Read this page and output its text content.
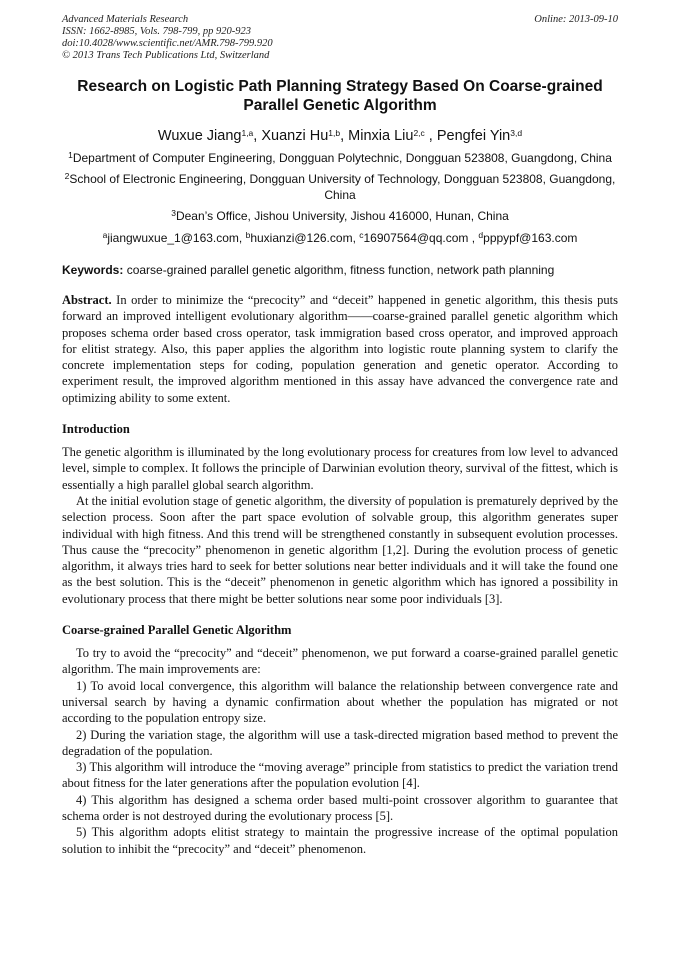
Advanced Materials Research
ISSN: 1662-8985, Vols. 798-799, pp 920-923
doi:10.4028/www.scientific.net/AMR.798-799.920
© 2013 Trans Tech Publications Ltd, Switzerland
Online: 2013-09-10
Research on Logistic Path Planning Strategy Based On Coarse-grained Parallel Genetic Algorithm
Wuxue Jiang$^{1,a}$, Xuanzi Hu$^{1,b}$, Minxia Liu$^{2,c}$ , Pengfei Yin$^{3,d}$
$^1$Department of Computer Engineering, Dongguan Polytechnic, Dongguan 523808, Guangdong, China
$^2$School of Electronic Engineering, Dongguan University of Technology, Dongguan 523808, Guangdong, China
$^3$Dean’s Office, Jishou University, Jishou 416000, Hunan, China
$^a$jiangwuxue_1@163.com, $^b$huxianzi@126.com, $^c$16907564@qq.com , $^d$pppypf@163.com
Keywords: coarse-grained parallel genetic algorithm, fitness function, network path planning

Abstract. In order to minimize the “precocity” and “deceit” happened in genetic algorithm, this thesis puts forward an improved intelligent evolutionary algorithm——coarse-grained parallel genetic algorithm which proposes schema order based cross operator, task immigration based cross operator, and improved approach for elitist strategy. Also, this paper applies the algorithm into logistic route planning system to clarify the concrete implementation steps for coding, population generation and genetic operator. According to experiment result, the improved algorithm mentioned in this assay have advanced the convergence rate and optimizing ability to some extent.

Introduction

The genetic algorithm is illuminated by the long evolutionary process for creatures from low level to advanced level, simple to complex. It follows the principle of Darwinian evolution theory, survival of the fittest, which is essentially a high parallel global search algorithm.

At the initial evolution stage of genetic algorithm, the diversity of population is prematurely deprived by the selection process. Soon after the part space evolution of solvable group, this algorithm generates super individual with high fitness. And this trend will be strengthened constantly in subsequent evolution processes. Thus cause the “precocity” phenomenon in genetic algorithm [1,2]. During the evolution process of genetic algorithm, it always tries hard to seek for better solutions near better individuals and it will take the found one as the best solution. This is the “deceit” phenomenon in genetic algorithm which has ignored a possibility in evolutionary process that there might be better solutions near some poor individuals [3].

Coarse-grained Parallel Genetic Algorithm

To try to avoid the “precocity” and “deceit” phenomenon, we put forward a coarse-grained parallel genetic algorithm. The main improvements are:

1) To avoid local convergence, this algorithm will balance the relationship between convergence rate and universal search by having a dynamic confirmation about whether the population has migrated or not according to the population entropy size.

2) During the variation stage, the algorithm will use a task-directed migration based method to prevent the degradation of the population.

3) This algorithm will introduce the “moving average” principle from statistics to predict the variation trend about fitness for the later generations after the population evolution [4].

4) This algorithm has designed a schema order based multi-point crossover algorithm to guarantee that schema order is not destroyed during the evolutionary process [5].

5) This algorithm adopts elitist strategy to maintain the progressive increase of the optimal population solution to inhibit the “precocity” and “deceit” phenomenon.
